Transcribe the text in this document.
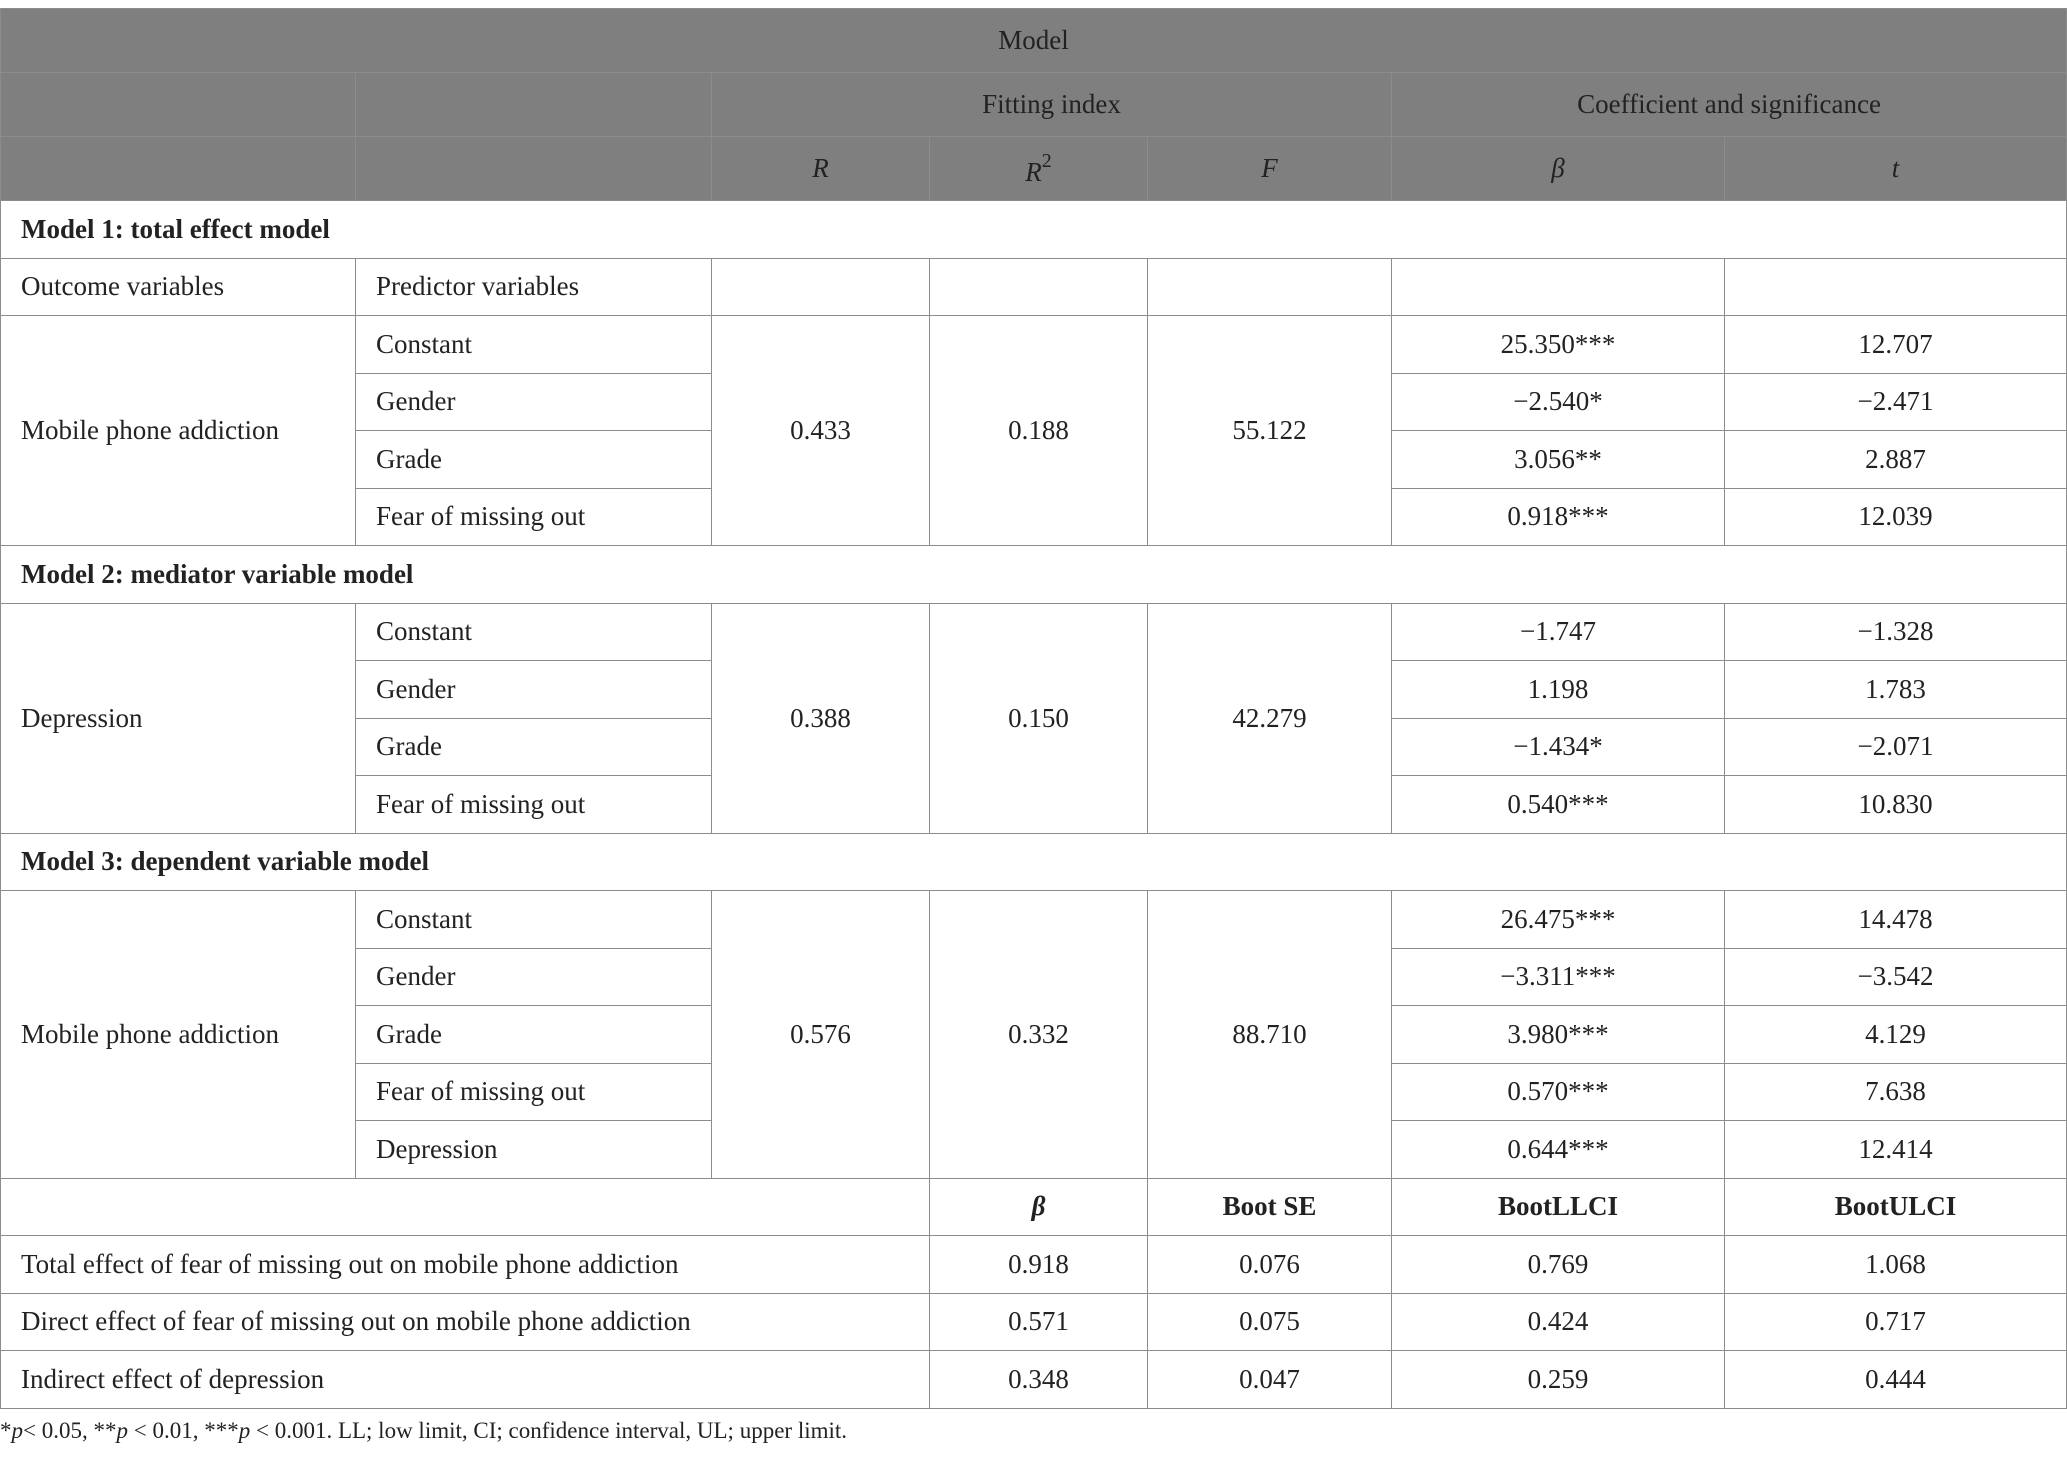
Model						
		Fitting index			Coefficient and significance	
		R	$R^2$	F	β	t
Model 1: total effect model						
Outcome variables	Predictor variables					
Mobile phone addiction	Constant	0.433	0.188	55.122	25.350***	12.707
	Gender				−2.540*	−2.471
	Grade				3.056**	2.887
	Fear of missing out				0.918***	12.039
Model 2: mediator variable model						
Depression	Constant	0.388	0.150	42.279	−1.747	−1.328
	Gender				1.198	1.783
	Grade				−1.434*	−2.071
	Fear of missing out				0.540***	10.830
Model 3: dependent variable model						
Mobile phone addiction	Constant	0.576	0.332	88.710	26.475***	14.478
	Gender				−3.311***	−3.542
	Grade				3.980***	4.129
	Fear of missing out				0.570***	7.638
	Depression				0.644***	12.414
			β	Boot SE	BootLLCI	BootULCI
Total effect of fear of missing out on mobile phone addiction			0.918	0.076	0.769	1.068
Direct effect of fear of missing out on mobile phone addiction			0.571	0.075	0.424	0.717
Indirect effect of depression			0.348	0.047	0.259	0.444
*p< 0.05, **p < 0.01, ***p < 0.001. LL; low limit, CI; confidence interval, UL; upper limit.
